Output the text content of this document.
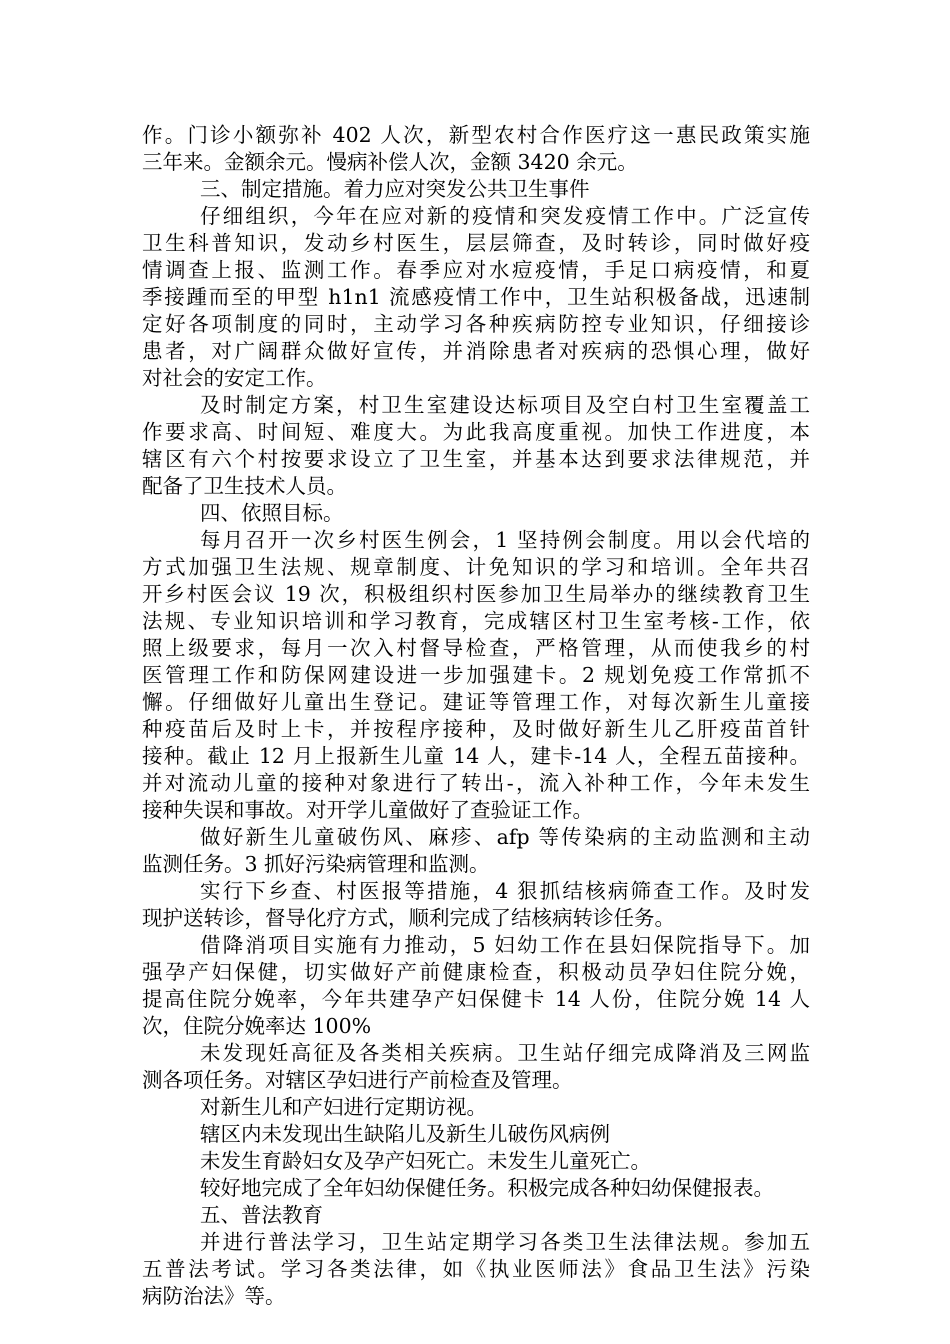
作。门诊小额弥补 402 人次，新型农村合作医疗这一惠民政策实施
三年来。金额余元。慢病补偿人次，金额 3420 余元。
三、制定措施。着力应对突发公共卫生事件
仔细组织，今年在应对新的疫情和突发疫情工作中。广泛宣传
卫生科普知识，发动乡村医生，层层筛查，及时转诊，同时做好疫
情调查上报、监测工作。春季应对水痘疫情，手足口病疫情，和夏
季接踵而至的甲型 h1n1 流感疫情工作中，卫生站积极备战，迅速制
定好各项制度的同时，主动学习各种疾病防控专业知识，仔细接诊
患者，对广阔群众做好宣传，并消除患者对疾病的恐惧心理，做好
对社会的安定工作。
及时制定方案，村卫生室建设达标项目及空白村卫生室覆盖工
作要求高、时间短、难度大。为此我高度重视。加快工作进度，本
辖区有六个村按要求设立了卫生室，并基本达到要求法律规范，并
配备了卫生技术人员。
四、依照目标。
每月召开一次乡村医生例会，1 坚持例会制度。用以会代培的
方式加强卫生法规、规章制度、计免知识的学习和培训。全年共召
开乡村医会议 19 次，积极组织村医参加卫生局举办的继续教育卫生
法规、专业知识培训和学习教育，完成辖区村卫生室考核-工作，依
照上级要求，每月一次入村督导检查，严格管理，从而使我乡的村
医管理工作和防保网建设进一步加强建卡。2 规划免疫工作常抓不
懈。仔细做好儿童出生登记。建证等管理工作，对每次新生儿童接
种疫苗后及时上卡，并按程序接种，及时做好新生儿乙肝疫苗首针
接种。截止 12 月上报新生儿童 14 人，建卡-14 人，全程五苗接种。
并对流动儿童的接种对象进行了转出-，流入补种工作，今年未发生
接种失误和事故。对开学儿童做好了查验证工作。
做好新生儿童破伤风、麻疹、afp 等传染病的主动监测和主动
监测任务。3 抓好污染病管理和监测。
实行下乡查、村医报等措施，4 狠抓结核病筛查工作。及时发
现护送转诊，督导化疗方式，顺利完成了结核病转诊任务。
借降消项目实施有力推动，5 妇幼工作在县妇保院指导下。加
强孕产妇保健，切实做好产前健康检查，积极动员孕妇住院分娩，
提高住院分娩率，今年共建孕产妇保健卡 14 人份，住院分娩 14 人
次，住院分娩率达 100%
未发现妊高征及各类相关疾病。卫生站仔细完成降消及三网监
测各项任务。对辖区孕妇进行产前检查及管理。
对新生儿和产妇进行定期访视。
辖区内未发现出生缺陷儿及新生儿破伤风病例
未发生育龄妇女及孕产妇死亡。未发生儿童死亡。
较好地完成了全年妇幼保健任务。积极完成各种妇幼保健报表。
五、普法教育
并进行普法学习，卫生站定期学习各类卫生法律法规。参加五
五普法考试。学习各类法律，如《执业医师法》食品卫生法》污染
病防治法》等。
